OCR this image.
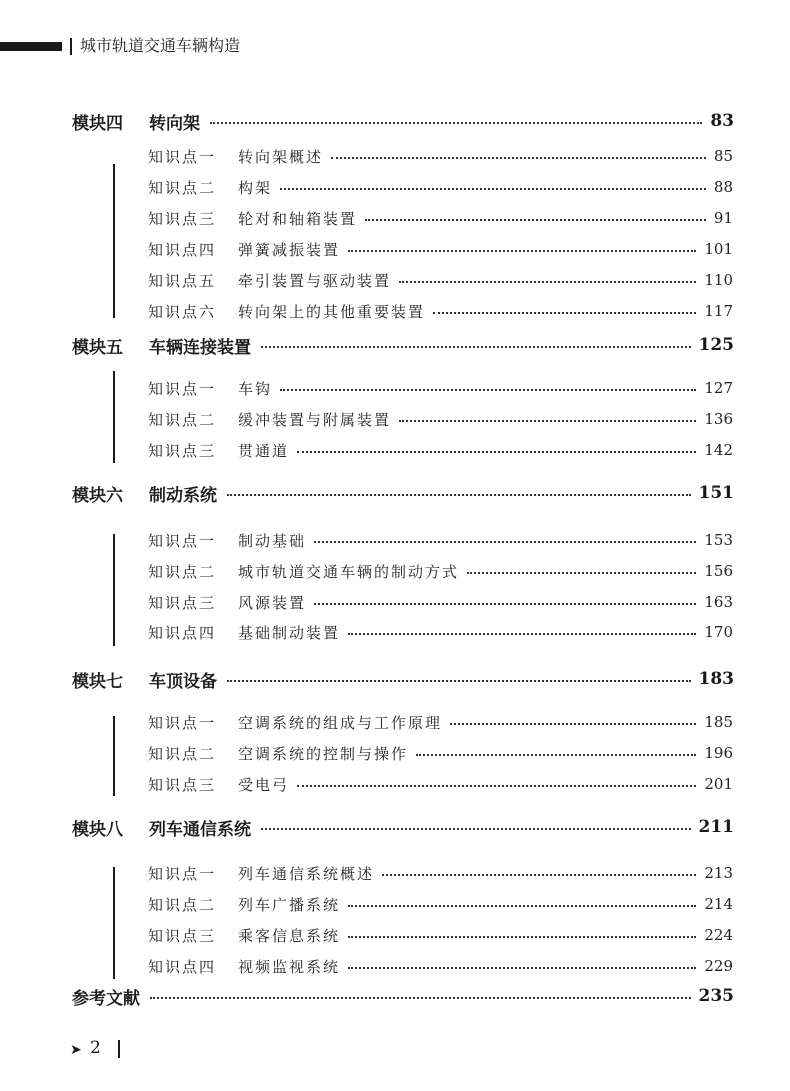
城市轨道交通车辆构造
模块四	转向架	83
知识点一	转向架概述	85
知识点二	构架	88
知识点三	轮对和轴箱装置	91
知识点四	弹簧减振装置	101
知识点五	牵引装置与驱动装置	110
知识点六	转向架上的其他重要装置	117
模块五	车辆连接装置	125
知识点一	车钩	127
知识点二	缓冲装置与附属装置	136
知识点三	贯通道	142
模块六	制动系统	151
知识点一	制动基础	153
知识点二	城市轨道交通车辆的制动方式	156
知识点三	风源装置	163
知识点四	基础制动装置	170
模块七	车顶设备	183
知识点一	空调系统的组成与工作原理	185
知识点二	空调系统的控制与操作	196
知识点三	受电弓	201
模块八	列车通信系统	211
知识点一	列车通信系统概述	213
知识点二	列车广播系统	214
知识点三	乘客信息系统	224
知识点四	视频监视系统	229
参考文献	235
➤ 2
